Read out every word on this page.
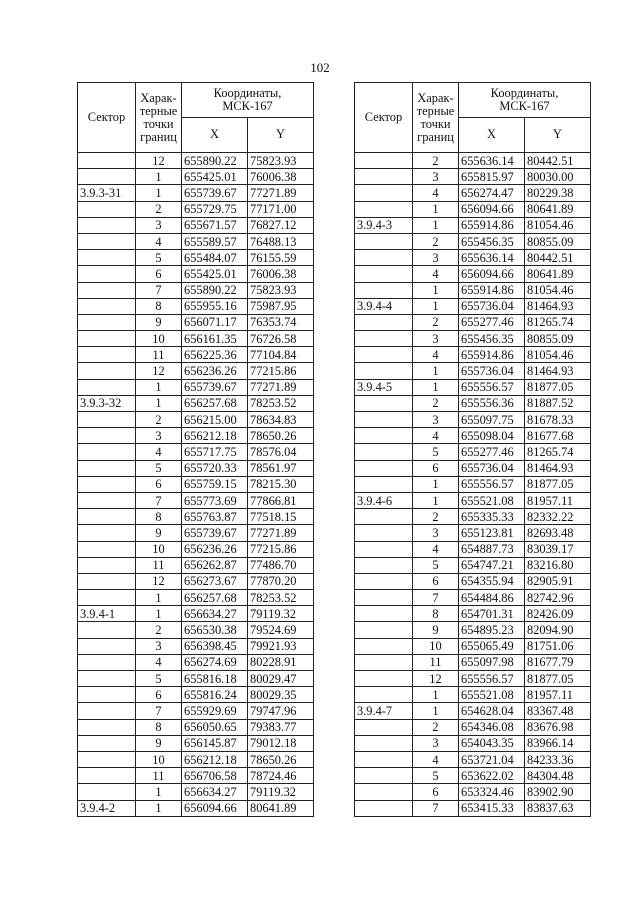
102
Сектор	Харак-
терные
точки
границ	Координаты,
МСК-167	
		X	Y
	12	655890.22	75823.93
	1	655425.01	76006.38
3.9.3-31	1	655739.67	77271.89
	2	655729.75	77171.00
	3	655671.57	76827.12
	4	655589.57	76488.13
	5	655484.07	76155.59
	6	655425.01	76006.38
	7	655890.22	75823.93
	8	655955.16	75987.95
	9	656071.17	76353.74
	10	656161.35	76726.58
	11	656225.36	77104.84
	12	656236.26	77215.86
	1	655739.67	77271.89
3.9.3-32	1	656257.68	78253.52
	2	656215.00	78634.83
	3	656212.18	78650.26
	4	655717.75	78576.04
	5	655720.33	78561.97
	6	655759.15	78215.30
	7	655773.69	77866.81
	8	655763.87	77518.15
	9	655739.67	77271.89
	10	656236.26	77215.86
	11	656262.87	77486.70
	12	656273.67	77870.20
	1	656257.68	78253.52
3.9.4-1	1	656634.27	79119.32
	2	656530.38	79524.69
	3	656398.45	79921.93
	4	656274.69	80228.91
	5	655816.18	80029.47
	6	655816.24	80029.35
	7	655929.69	79747.96
	8	656050.65	79383.77
	9	656145.87	79012.18
	10	656212.18	78650.26
	11	656706.58	78724.46
	1	656634.27	79119.32
3.9.4-2	1	656094.66	80641.89
Сектор	Харак-
терные
точки
границ	Координаты,
МСК-167	
		X	Y
	2	655636.14	80442.51
	3	655815.97	80030.00
	4	656274.47	80229.38
	1	656094.66	80641.89
3.9.4-3	1	655914.86	81054.46
	2	655456.35	80855.09
	3	655636.14	80442.51
	4	656094.66	80641.89
	1	655914.86	81054.46
3.9.4-4	1	655736.04	81464.93
	2	655277.46	81265.74
	3	655456.35	80855.09
	4	655914.86	81054.46
	1	655736.04	81464.93
3.9.4-5	1	655556.57	81877.05
	2	655556.36	81887.52
	3	655097.75	81678.33
	4	655098.04	81677.68
	5	655277.46	81265.74
	6	655736.04	81464.93
	1	655556.57	81877.05
3.9.4-6	1	655521.08	81957.11
	2	655335.33	82332.22
	3	655123.81	82693.48
	4	654887.73	83039.17
	5	654747.21	83216.80
	6	654355.94	82905.91
	7	654484.86	82742.96
	8	654701.31	82426.09
	9	654895.23	82094.90
	10	655065.49	81751.06
	11	655097.98	81677.79
	12	655556.57	81877.05
	1	655521.08	81957.11
3.9.4-7	1	654628.04	83367.48
	2	654346.08	83676.98
	3	654043.35	83966.14
	4	653721.04	84233.36
	5	653622.02	84304.48
	6	653324.46	83902.90
	7	653415.33	83837.63
